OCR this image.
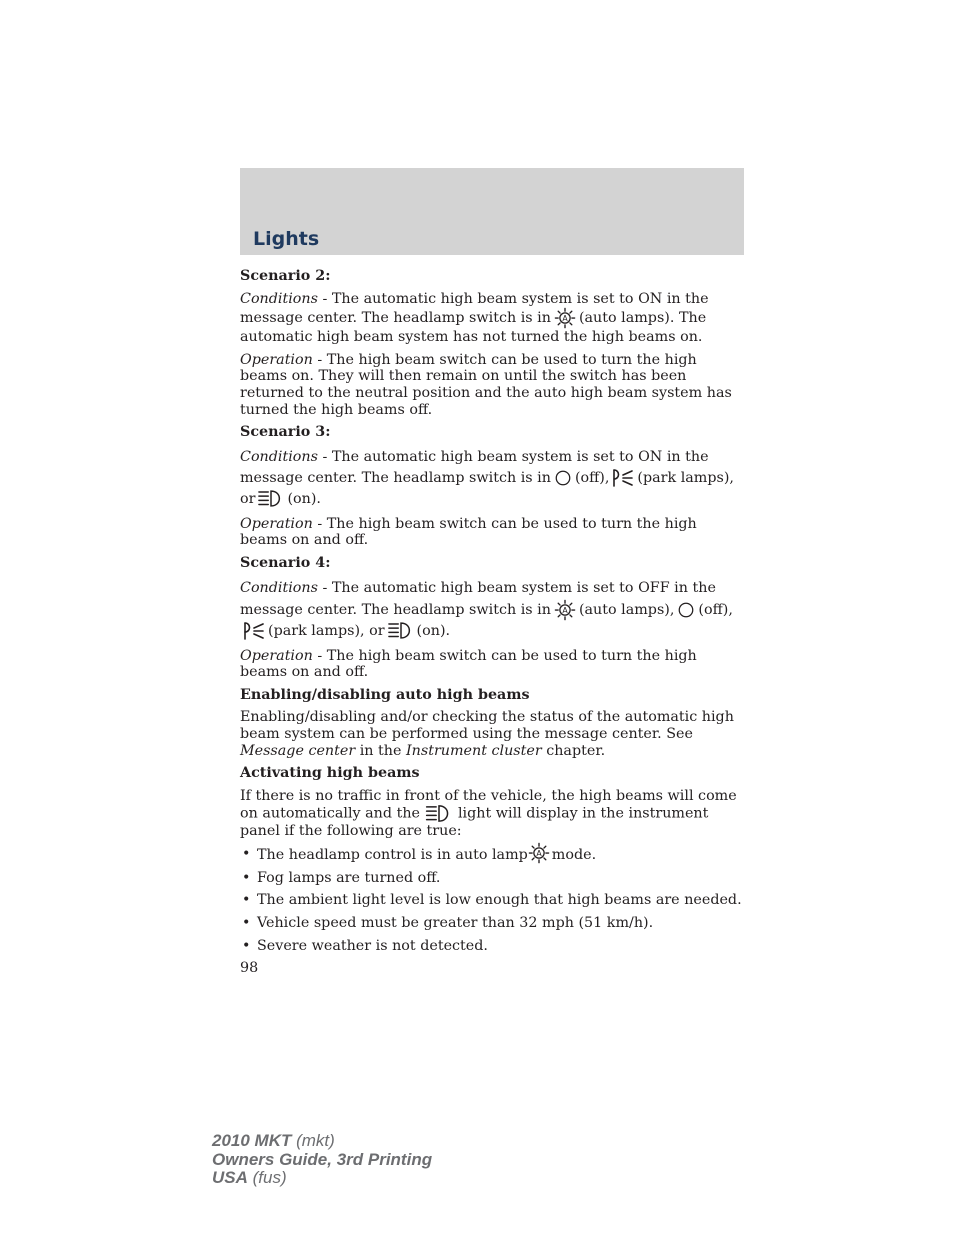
Lights
Scenario 2:
Conditions - The automatic high beam system is set to ON in the message center. The headlamp switch is in (auto lamps). The automatic high beam system has not turned the high beams on.
Operation - The high beam switch can be used to turn the high beams on. They will then remain on until the switch has been returned to the neutral position and the auto high beam system has turned the high beams off.
Scenario 3:
Conditions - The automatic high beam system is set to ON in the message center. The headlamp switch is in (off), (park lamps), or (on).
Operation - The high beam switch can be used to turn the high beams on and off.
Scenario 4:
Conditions - The automatic high beam system is set to OFF in the message center. The headlamp switch is in (auto lamps), (off),(park lamps), or (on).
Operation - The high beam switch can be used to turn the high beams on and off.
Enabling/disabling auto high beams
Enabling/disabling and/or checking the status of the automatic high beam system can be performed using the message center. See Message center in the Instrument cluster chapter.
Activating high beams
If there is no traffic in front of the vehicle, the high beams will come on automatically and the	light will display in the instrument panel if the following are true:
• The headlamp control is in auto lamp mode.
• Fog lamps are turned off.
• The ambient light level is low enough that high beams are needed.
• Vehicle speed must be greater than 32 mph (51 km/h).
• Severe weather is not detected.
98
2010 MKT (mkt)
Owners Guide, 3rd Printing
USA (fus)
